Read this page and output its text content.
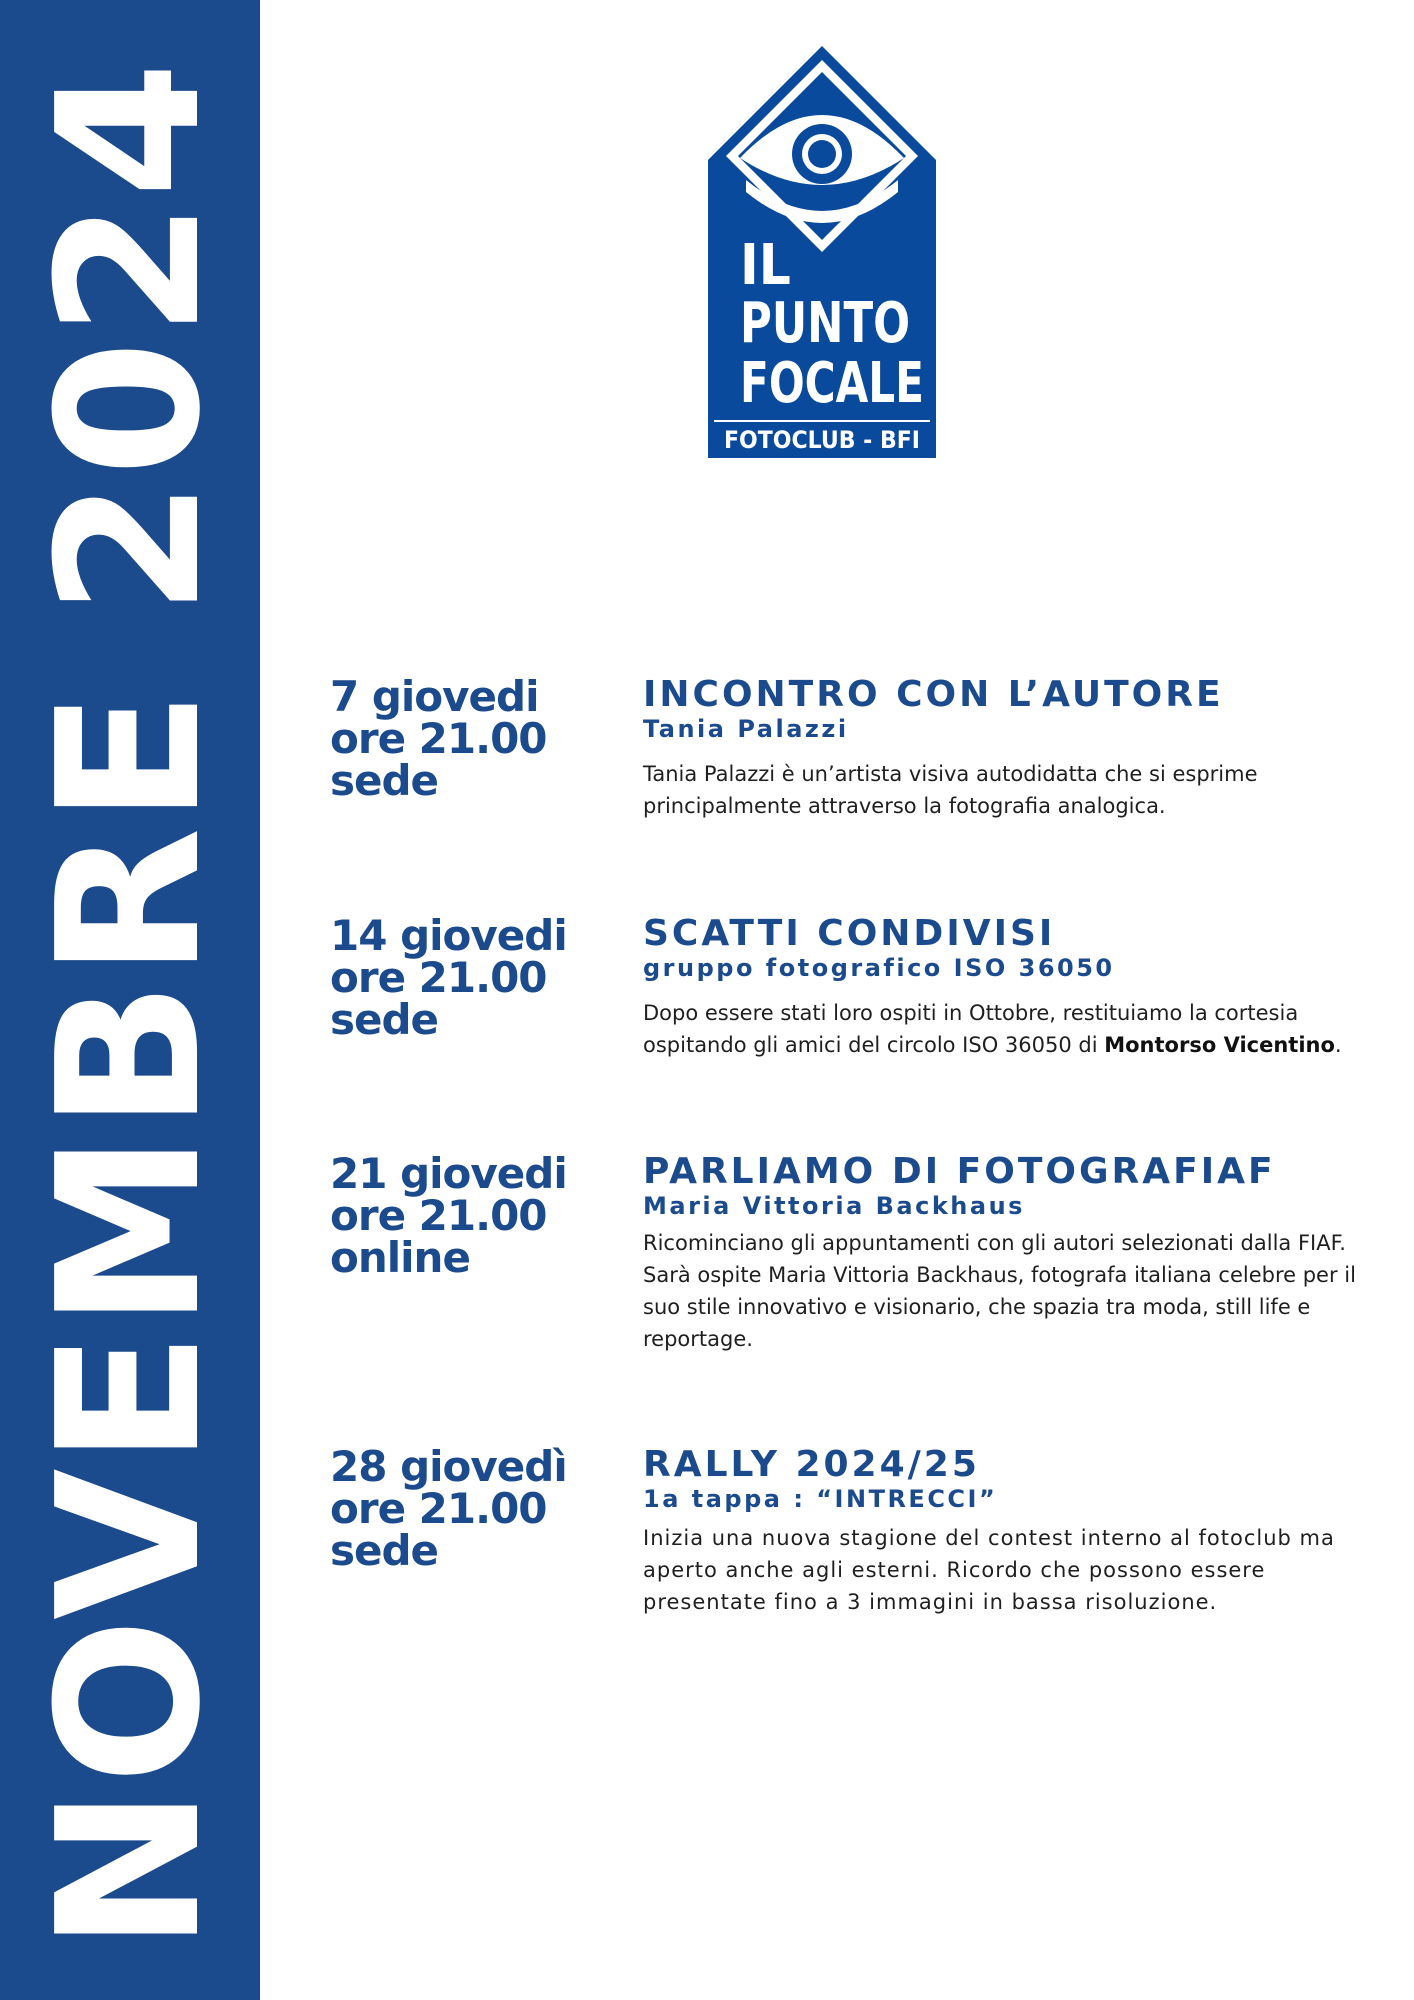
NOVEMBRE 2024	IL
PUNTO
FOCALE
FOTOCLUB - BFI
7 giovedi
ore 21.00
sede
INCONTRO CON L’AUTORE
Tania Palazzi
Tania Palazzi è un’artista visiva autodidatta che si esprime principalmente attraverso la fotografia analogica.
14 giovedi
ore 21.00
sede
SCATTI CONDIVISI
gruppo fotografico ISO 36050
Dopo essere stati loro ospiti in Ottobre, restituiamo la cortesia ospitando gli amici del circolo ISO 36050 di Montorso Vicentino.
21 giovedi
ore 21.00
online
PARLIAMO DI FOTOGRAFIAF
Maria Vittoria Backhaus
Ricominciano gli appuntamenti con gli autori selezionati dalla FIAF. Sarà ospite Maria Vittoria Backhaus, fotografa italiana celebre per il suo stile innovativo e visionario, che spazia tra moda, still life e reportage.
28 giovedì
ore 21.00
sede
RALLY 2024/25
1a tappa : “INTRECCI”
Inizia una nuova stagione del contest interno al fotoclub ma aperto anche agli esterni. Ricordo che possono essere presentate fino a 3 immagini in bassa risoluzione.
